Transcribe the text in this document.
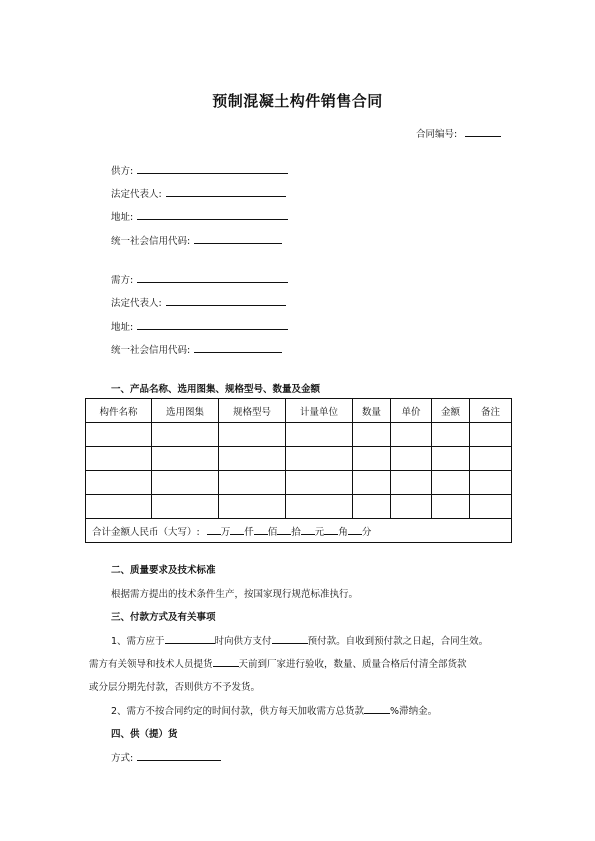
预制混凝土构件销售合同
合同编号:
供方:
法定代表人:
地址:
统一社会信用代码:
需方:
法定代表人:
地址:
统一社会信用代码:
一、产品名称、选用图集、规格型号、数量及金额
构件名称	选用图集	规格型号	计量单位	数量	单价	金额	备注

合计金额人民币（大写）: 万 仟 佰 拾 元 角 分							
二、质量要求及技术标准
根据需方提出的技术条件生产，按国家现行规范标准执行。
三、付款方式及有关事项
1、需方应于	时向供方支付	预付款。自收到预付款之日起，合同生效。
需方有关领导和技术人员提货	天前到厂家进行验收，数量、质量合格后付清全部货款
或分层分期先付款，否则供方不予发货。
2、需方不按合同约定的时间付款，供方每天加收需方总货款	%滞纳金。
四、供（提）货
方式:
